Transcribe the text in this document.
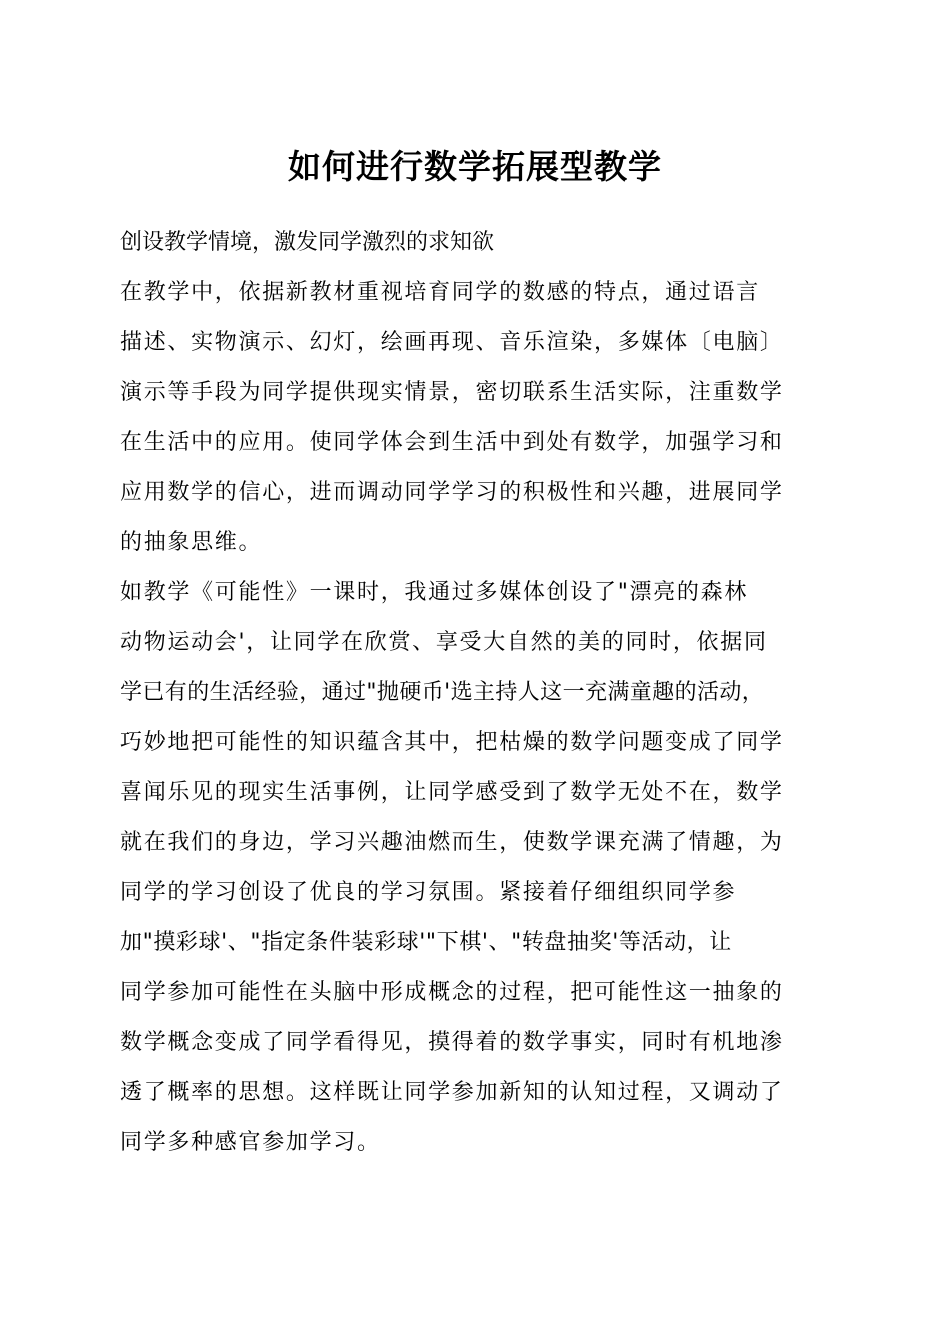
如何进行数学拓展型教学

创设教学情境，激发同学激烈的求知欲

在教学中，依据新教材重视培育同学的数感的特点，通过语言

描述、实物演示、幻灯，绘画再现、音乐渲染，多媒体〔电脑〕

演示等手段为同学提供现实情景，密切联系生活实际，注重数学

在生活中的应用。使同学体会到生活中到处有数学，加强学习和

应用数学的信心，进而调动同学学习的积极性和兴趣，进展同学

的抽象思维。

如教学《可能性》一课时，我通过多媒体创设了"漂亮的森林

动物运动会'，让同学在欣赏、享受大自然的美的同时，依据同

学已有的生活经验，通过"抛硬币'选主持人这一充满童趣的活动，

巧妙地把可能性的知识蕴含其中，把枯燥的数学问题变成了同学

喜闻乐见的现实生活事例，让同学感受到了数学无处不在，数学

就在我们的身边，学习兴趣油燃而生，使数学课充满了情趣，为

同学的学习创设了优良的学习氛围。紧接着仔细组织同学参

加"摸彩球'、"指定条件装彩球'"下棋'、"转盘抽奖'等活动，让

同学参加可能性在头脑中形成概念的过程，把可能性这一抽象的

数学概念变成了同学看得见，摸得着的数学事实，同时有机地渗

透了概率的思想。这样既让同学参加新知的认知过程，又调动了

同学多种感官参加学习。
